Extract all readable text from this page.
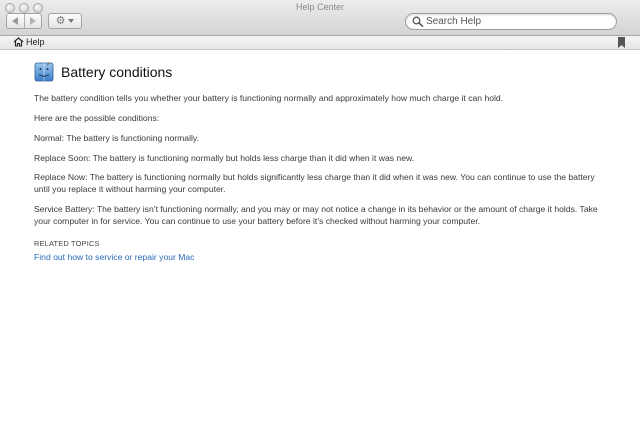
Help Center
⚙
Search Help
Help
Battery conditions

The battery condition tells you whether your battery is functioning normally and approximately how much charge it can hold.

Here are the possible conditions:

Normal: The battery is functioning normally.

Replace Soon: The battery is functioning normally but holds less charge than it did when it was new.

Replace Now: The battery is functioning normally but holds significantly less charge than it did when it was new. You can continue to use the battery until you replace it without harming your computer.

Service Battery: The battery isn’t functioning normally, and you may or may not notice a change in its behavior or the amount of charge it holds. Take your computer in for service. You can continue to use your battery before it’s checked without harming your computer.

RELATED TOPICS
Find out how to service or repair your Mac
